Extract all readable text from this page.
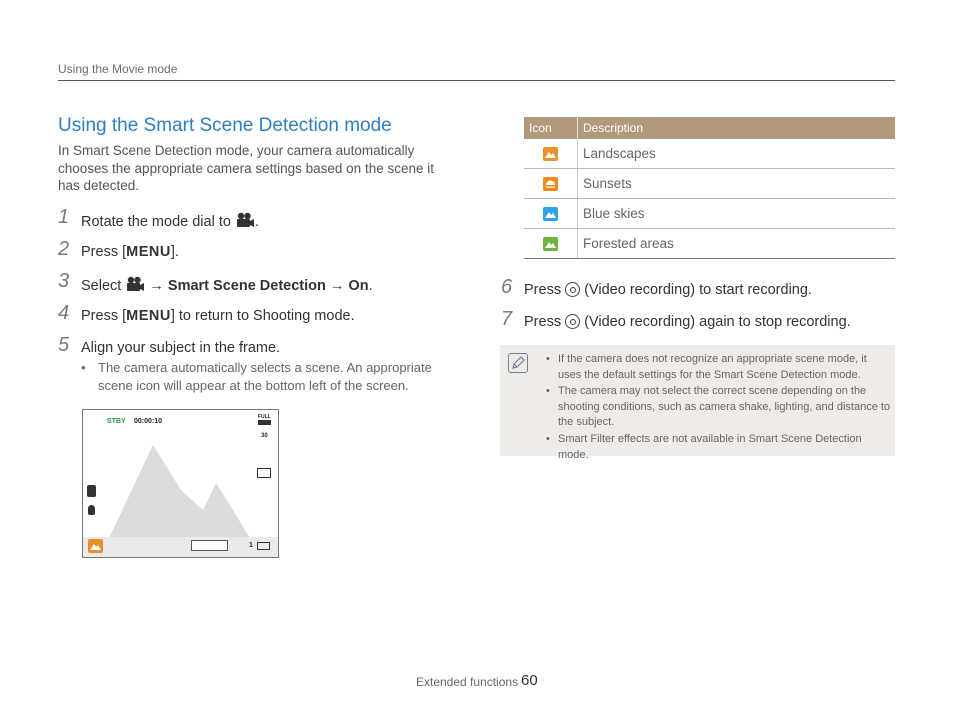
Using the Movie mode
Using the Smart Scene Detection mode
In Smart Scene Detection mode, your camera automatically chooses the appropriate camera settings based on the scene it has detected.
1 Rotate the mode dial to .
2 Press [MENU].
3 Select  → Smart Scene Detection → On.
4 Press [MENU] to return to Shooting mode.
5 Align your subject in the frame.
• The camera automatically selects a scene. An appropriate scene icon will appear at the bottom left of the screen.
STBY 00:00:10
FULL
30
1
Icon	Description

	Landscapes

	Sunsets

	Blue skies

	Forested areas
6 Press (Video recording) to start recording.
7 Press (Video recording) again to stop recording.
• If the camera does not recognize an appropriate scene mode, it uses the default settings for the Smart Scene Detection mode.
• The camera may not select the correct scene depending on the shooting conditions, such as camera shake, lighting, and distance to the subject.
• Smart Filter effects are not available in Smart Scene Detection mode.
Extended functions 60
